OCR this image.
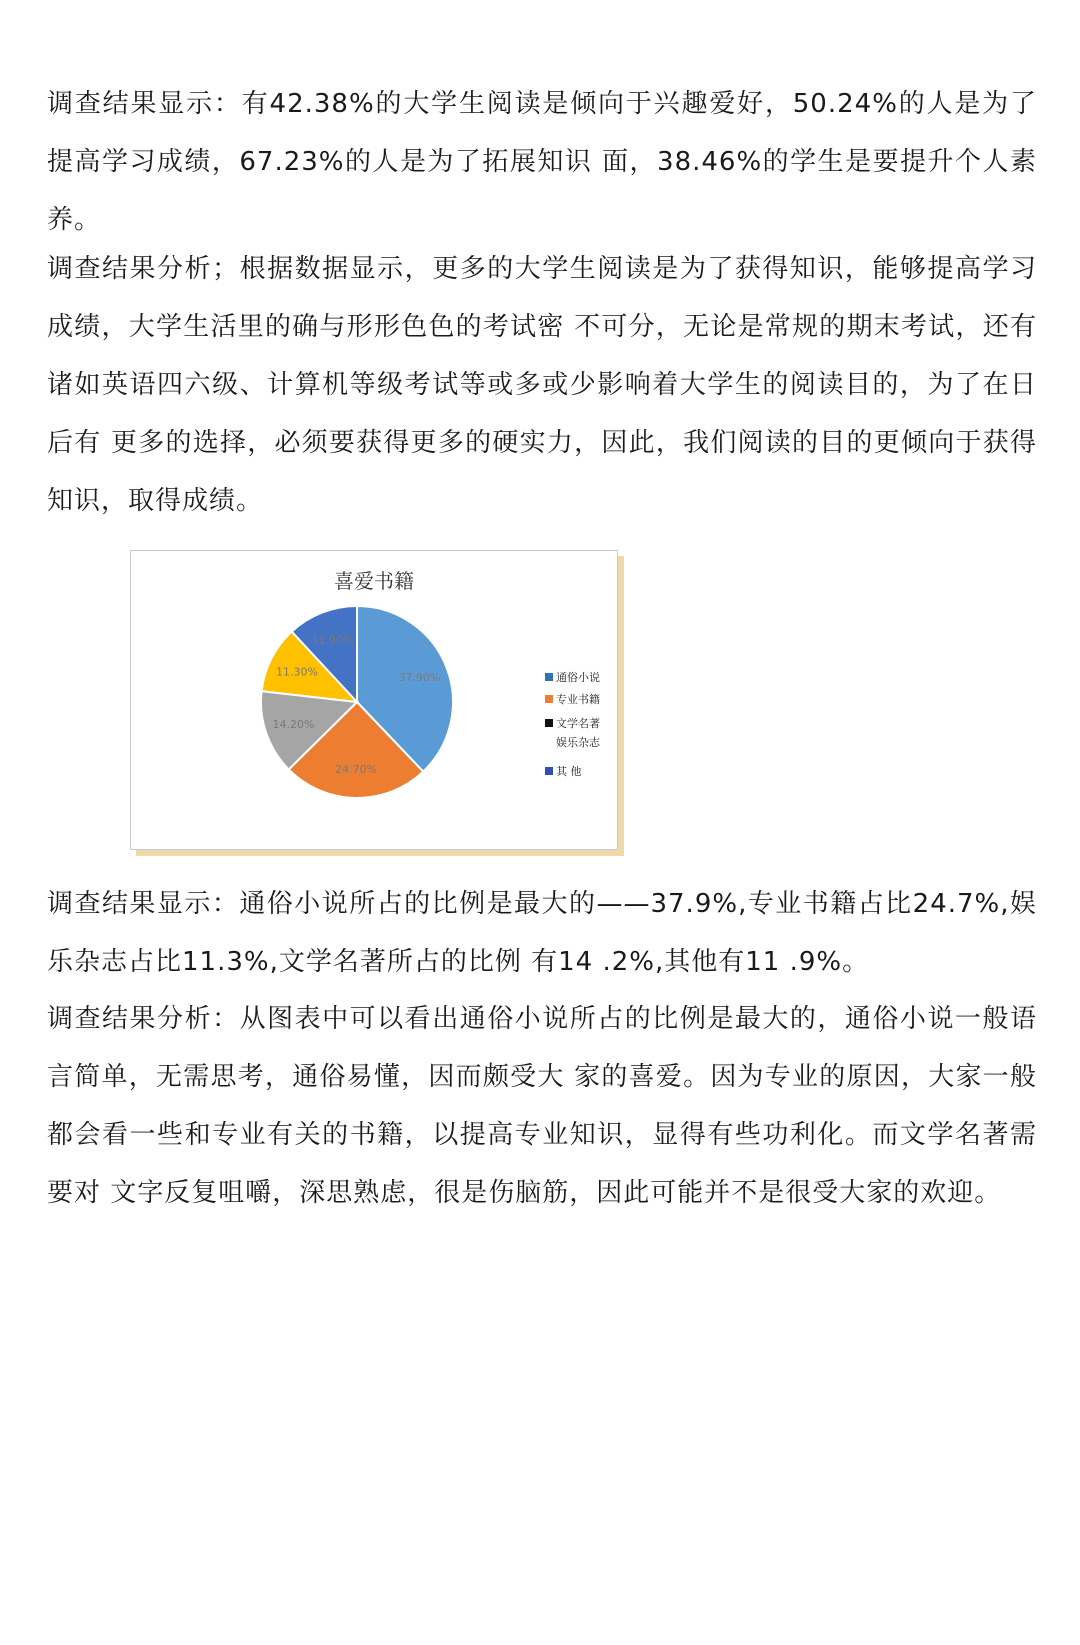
调查结果显示：有42.38%的大学生阅读是倾向于兴趣爱好，50.24%的人是为了提高学习成绩，67.23%的人是为了拓展知识 面，38.46%的学生是要提升个人素养。

调查结果分析；根据数据显示，更多的大学生阅读是为了获得知识，能够提高学习成绩，大学生活里的确与形形色色的考试密 不可分，无论是常规的期末考试，还有诸如英语四六级、计算机等级考试等或多或少影响着大学生的阅读目的，为了在日后有 更多的选择，必须要获得更多的硬实力，因此，我们阅读的目的更倾向于获得知识，取得成绩。

喜爱书籍
37.90%
24.70%
14.20%
11.30%
11.90%
通俗小说
专业书籍
文学名著
娱乐杂志
其 他

调查结果显示：通俗小说所占的比例是最大的——37.9%,专业书籍占比24.7%,娱乐杂志占比11.3%,文学名著所占的比例 有14 .2%,其他有11 .9%。

调查结果分析：从图表中可以看出通俗小说所占的比例是最大的，通俗小说一般语言简单，无需思考，通俗易懂，因而颇受大 家的喜爱。因为专业的原因，大家一般都会看一些和专业有关的书籍，以提高专业知识，显得有些功利化。而文学名著需要对 文字反复咀嚼，深思熟虑，很是伤脑筋，因此可能并不是很受大家的欢迎。
